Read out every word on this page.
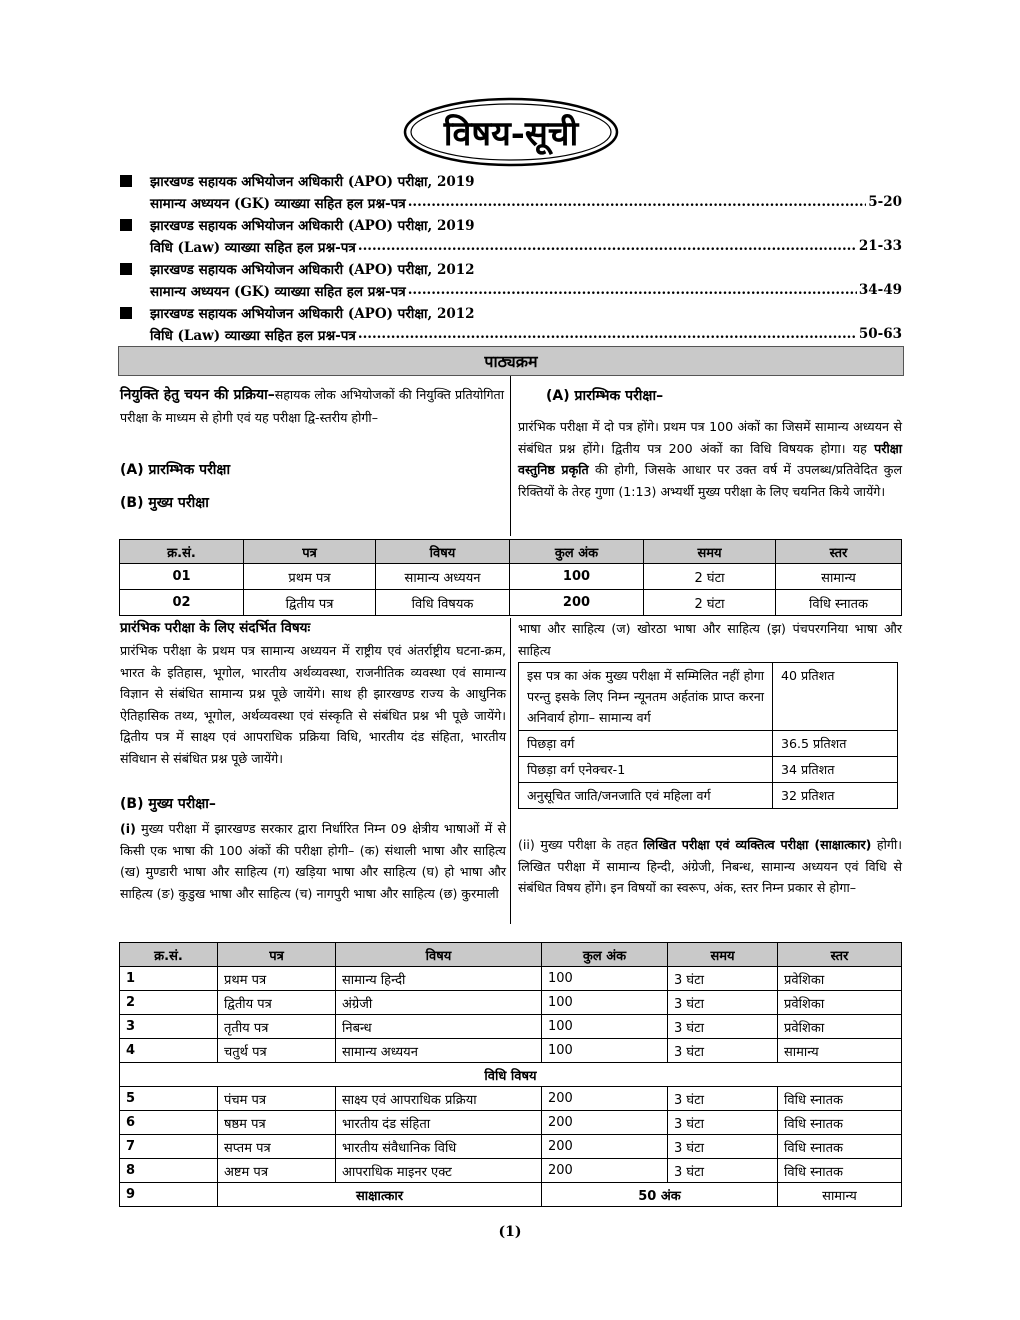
विषय-सूची
झारखण्ड सहायक अभियोजन अधिकारी (APO) परीक्षा, 2019
सामान्य अध्ययन (GK) व्याख्या सहित हल प्रश्न-पत्र .....	5-20
झारखण्ड सहायक अभियोजन अधिकारी (APO) परीक्षा, 2019
विधि (Law) व्याख्या सहित हल प्रश्न-पत्र .....	21-33
झारखण्ड सहायक अभियोजन अधिकारी (APO) परीक्षा, 2012
सामान्य अध्ययन (GK) व्याख्या सहित हल प्रश्न-पत्र .....	34-49
झारखण्ड सहायक अभियोजन अधिकारी (APO) परीक्षा, 2012
विधि (Law) व्याख्या सहित हल प्रश्न-पत्र .....	50-63
पाठ्यक्रम
नियुक्ति हेतु चयन की प्रक्रिया–सहायक लोक अभियोजकों की नियुक्ति प्रतियोगिता परीक्षा के माध्यम से होगी एवं यह परीक्षा द्वि-स्तरीय होगी–
(A) प्रारम्भिक परीक्षा
(B) मुख्य परीक्षा
(A) प्रारम्भिक परीक्षा–
प्रारंभिक परीक्षा में दो पत्र होंगे। प्रथम पत्र 100 अंकों का जिसमें सामान्य अध्ययन से संबंधित प्रश्न होंगे। द्वितीय पत्र 200 अंकों का विधि विषयक होगा। यह परीक्षा वस्तुनिष्ठ प्रकृति की होगी, जिसके आधार पर उक्त वर्ष में उपलब्ध/प्रतिवेदित कुल रिक्तियों के तेरह गुणा (1:13) अभ्यर्थी मुख्य परीक्षा के लिए चयनित किये जायेंगे।
क्र.सं.	पत्र	विषय	कुल अंक	समय	स्तर
01	प्रथम पत्र	सामान्य अध्ययन	100	2 घंटा	सामान्य
02	द्वितीय पत्र	विधि विषयक	200	2 घंटा	विधि स्नातक
प्रारंभिक परीक्षा के लिए संदर्भित विषयः
प्रारंभिक परीक्षा के प्रथम पत्र सामान्य अध्ययन में राष्ट्रीय एवं अंतर्राष्ट्रीय घटना-क्रम, भारत के इतिहास, भूगोल, भारतीय अर्थव्यवस्था, राजनीतिक व्यवस्था एवं सामान्य विज्ञान से संबंधित सामान्य प्रश्न पूछे जायेंगे। साथ ही झारखण्ड राज्य के आधुनिक ऐतिहासिक तथ्य, भूगोल, अर्थव्यवस्था एवं संस्कृति से संबंधित प्रश्न भी पूछे जायेंगे। द्वितीय पत्र में साक्ष्य एवं आपराधिक प्रक्रिया विधि, भारतीय दंड संहिता, भारतीय संविधान से संबंधित प्रश्न पूछे जायेंगे।
(B) मुख्य परीक्षा–
(i) मुख्य परीक्षा में झारखण्ड सरकार द्वारा निर्धारित निम्न 09 क्षेत्रीय भाषाओं में से किसी एक भाषा की 100 अंकों की परीक्षा होगी– (क) संथाली भाषा और साहित्य (ख) मुण्डारी भाषा और साहित्य (ग) खड़िया भाषा और साहित्य (घ) हो भाषा और साहित्य (ङ) कुडुख भाषा और साहित्य (च) नागपुरी भाषा और साहित्य (छ) कुरमाली
भाषा और साहित्य (ज) खोरठा भाषा और साहित्य (झ) पंचपरगनिया भाषा और साहित्य
इस पत्र का अंक मुख्य परीक्षा में सम्मिलित नहीं होगा परन्तु इसके लिए निम्न न्यूनतम अर्हतांक प्राप्त करना अनिवार्य होगा– सामान्य वर्ग	40 प्रतिशत
पिछड़ा वर्ग	36.5 प्रतिशत
पिछड़ा वर्ग एनेक्चर-1	34 प्रतिशत
अनुसूचित जाति/जनजाति एवं महिला वर्ग	32 प्रतिशत
(ii) मुख्य परीक्षा के तहत लिखित परीक्षा एवं व्यक्तित्व परीक्षा (साक्षात्कार) होगी। लिखित परीक्षा में सामान्य हिन्दी, अंग्रेजी, निबन्ध, सामान्य अध्ययन एवं विधि से संबंधित विषय होंगे। इन विषयों का स्वरूप, अंक, स्तर निम्न प्रकार से होगा–
क्र.सं.	पत्र	विषय	कुल अंक	समय	स्तर
1	प्रथम पत्र	सामान्य हिन्दी	100	3 घंटा	प्रवेशिका
2	द्वितीय पत्र	अंग्रेजी	100	3 घंटा	प्रवेशिका
3	तृतीय पत्र	निबन्ध	100	3 घंटा	प्रवेशिका
4	चतुर्थ पत्र	सामान्य अध्ययन	100	3 घंटा	सामान्य
विधि विषय					
5	पंचम पत्र	साक्ष्य एवं आपराधिक प्रक्रिया	200	3 घंटा	विधि स्नातक
6	षष्ठम पत्र	भारतीय दंड संहिता	200	3 घंटा	विधि स्नातक
7	सप्तम पत्र	भारतीय संवैधानिक विधि	200	3 घंटा	विधि स्नातक
8	अष्टम पत्र	आपराधिक माइनर एक्ट	200	3 घंटा	विधि स्नातक
9	साक्षात्कार		50 अंक		सामान्य
(1)
